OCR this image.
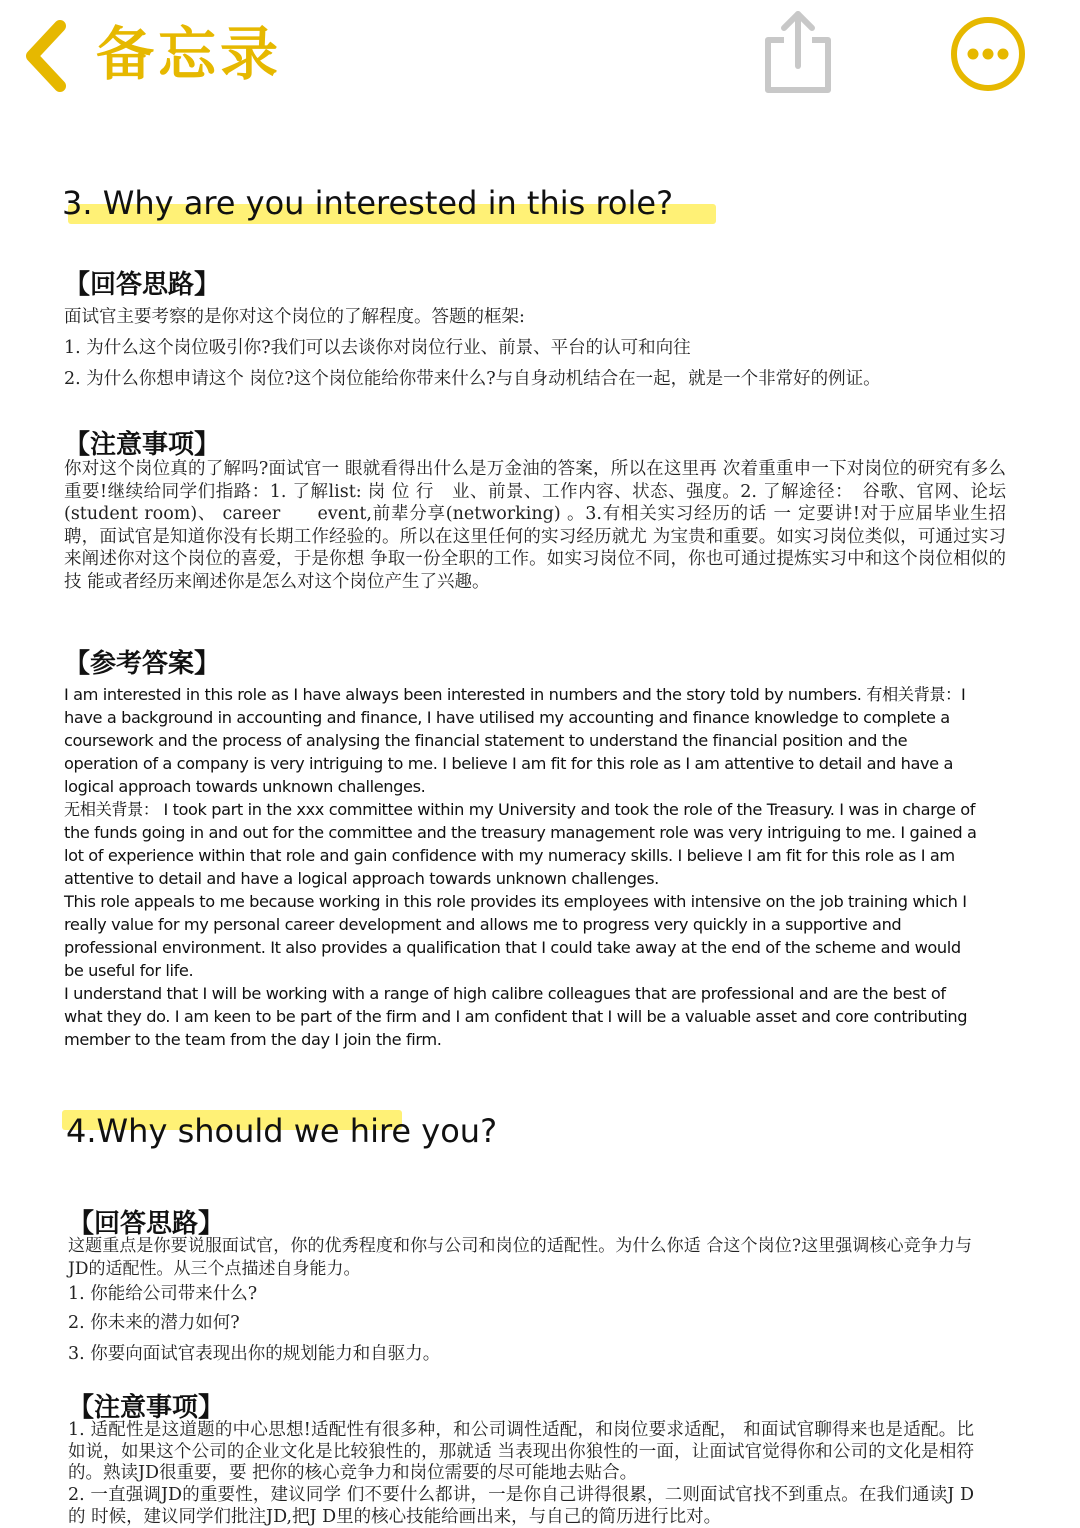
备忘录
3. Why are you interested in this role?
【回答思路】
面试官主要考察的是你对这个岗位的了解程度。答题的框架:
1. 为什么这个岗位吸引你?我们可以去谈你对岗位行业、前景、平台的认可和向往
2. 为什么你想申请这个 岗位?这个岗位能给你带来什么?与自身动机结合在一起，就是一个非常好的例证。
【注意事项】
你对这个岗位真的了解吗?面试官一 眼就看得出什么是万金油的答案，所以在这里再 次着重重申一下对岗位的研究有多么重要!继续给同学们指路：1. 了解list: 岗 位 行　业、前景、工作内容、状态、强度。2. 了解途径：　谷歌、官网、论坛(student room)、 career　　event,前辈分享(networking) 。3.有相关实习经历的话 一 定要讲!对于应届毕业生招聘，面试官是知道你没有长期工作经验的。所以在这里任何的实习经历就尤 为宝贵和重要。如实习岗位类似，可通过实习来阐述你对这个岗位的喜爱，于是你想 争取一份全职的工作。如实习岗位不同，你也可通过提炼实习中和这个岗位相似的技 能或者经历来阐述你是怎么对这个岗位产生了兴趣。
【参考答案】

I am interested in this role as I have always been interested in numbers and the story told by numbers. 有相关背景：I have a background in accounting and finance, I have utilised my accounting and finance knowledge to complete a coursework and the process of analysing the financial statement to understand the financial position and the operation of a company is very intriguing to me. I believe I am fit for this role as I am attentive to detail and have a logical approach towards unknown challenges.

无相关背景： I took part in the xxx committee within my University and took the role of the Treasury. I was in charge of the funds going in and out for the committee and the treasury management role was very intriguing to me. I gained a lot of experience within that role and gain confidence with my numeracy skills. I believe I am fit for this role as I am attentive to detail and have a logical approach towards unknown challenges.

This role appeals to me because working in this role provides its employees with intensive on the job training which I really value for my personal career development and allows me to progress very quickly in a supportive and professional environment. It also provides a qualification that I could take away at the end of the scheme and would be useful for life.

I understand that I will be working with a range of high calibre colleagues that are professional and are the best of what they do. I am keen to be part of the firm and I am confident that I will be a valuable asset and core contributing member to the team from the day I join the firm.

4.Why should we hire you?
【回答思路】
这题重点是你要说服面试官，你的优秀程度和你与公司和岗位的适配性。为什么你适 合这个岗位?这里强调核心竞争力与JD的适配性。从三个点描述自身能力。
1. 你能给公司带来什么?
2. 你未来的潜力如何?
3. 你要向面试官表现出你的规划能力和自驱力。
【注意事项】
1. 适配性是这道题的中心思想!适配性有很多种，和公司调性适配，和岗位要求适配， 和面试官聊得来也是适配。比如说，如果这个公司的企业文化是比较狼性的，那就适 当表现出你狼性的一面，让面试官觉得你和公司的文化是相符的。熟读JD很重要，要 把你的核心竞争力和岗位需要的尽可能地去贴合。
2. 一直强调JD的重要性，建议同学 们不要什么都讲，一是你自己讲得很累，二则面试官找不到重点。在我们通读J D的 时候，建议同学们批注JD,把J D里的核心技能给画出来，与自己的简历进行比对。
